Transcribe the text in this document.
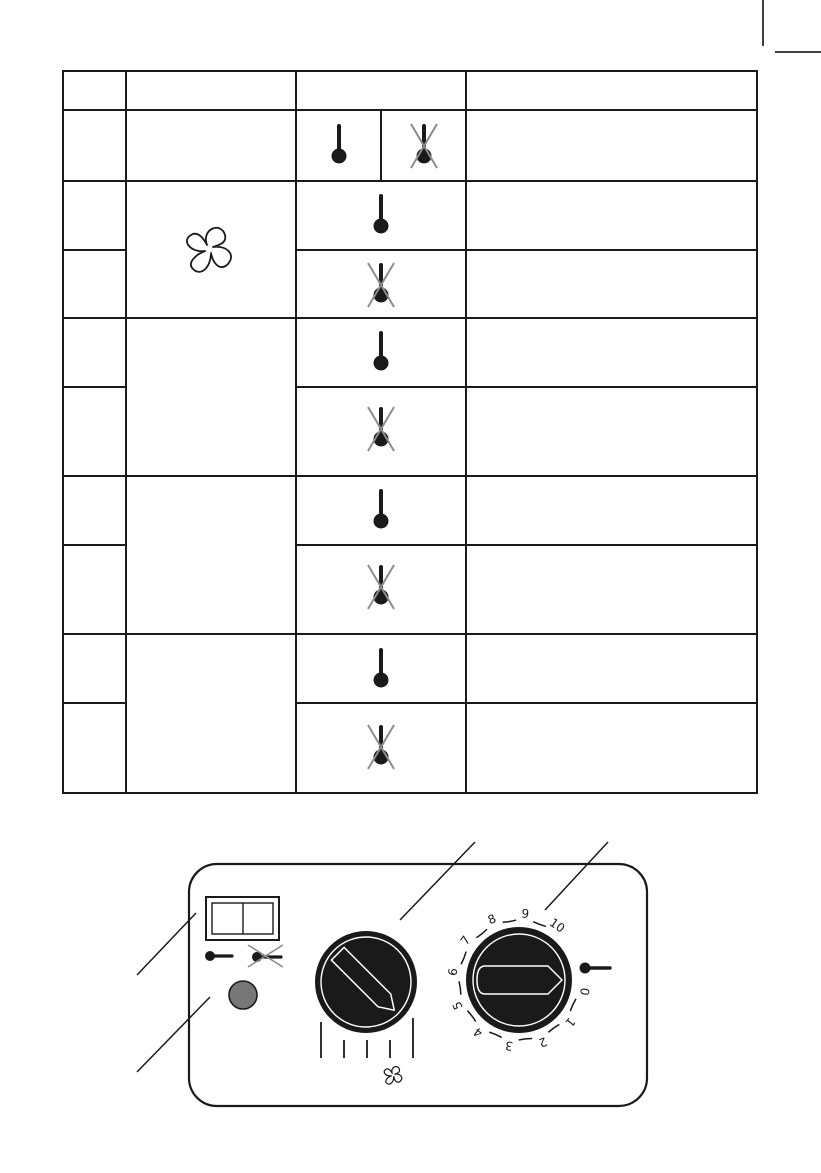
0
1
2
3
4
5
6
7
8 9
10
